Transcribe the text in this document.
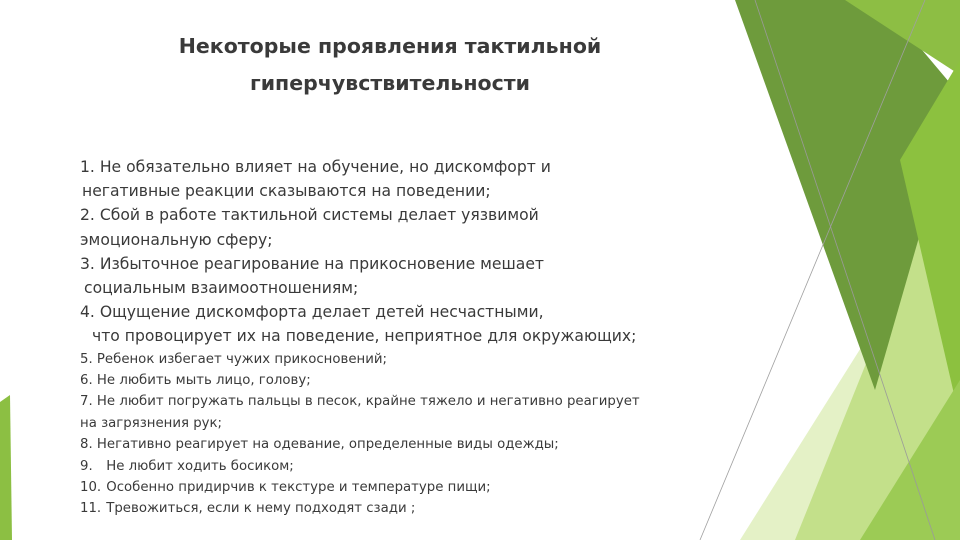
Некоторые проявления тактильной
гиперчувствительности
1. Не обязательно влияет на обучение, но дискомфорт и
негативные реакции сказываются на поведении;
2. Сбой в работе тактильной системы делает уязвимой
эмоциональную сферу;
3. Избыточное реагирование на прикосновение мешает
социальным взаимоотношениям;
4. Ощущение дискомфорта делает детей несчастными,
что провоцирует их на поведение, неприятное для окружающих;
5. Ребенок избегает чужих прикосновений;
6. Не любить мыть лицо, голову;
7. Не любит погружать пальцы в песок, крайне тяжело и негативно реагирует
на загрязнения рук;
8. Негативно реагирует на одевание, определенные виды одежды;
9. Не любит ходить босиком;
10. Особенно придирчив к текстуре и температуре пищи;
11. Тревожиться, если к нему подходят сзади ;
